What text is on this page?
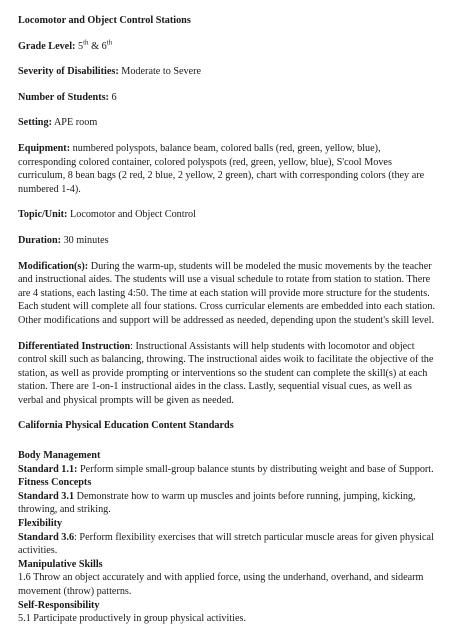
Locomotor and Object Control Stations
Grade Level: 5th & 6th
Severity of Disabilities: Moderate to Severe
Number of Students: 6
Setting: APE room
Equipment: numbered polyspots, balance beam, colored balls (red, green, yellow, blue), corresponding colored container, colored polyspots (red, green, yellow, blue), S'cool Moves curriculum, 8 bean bags (2 red, 2 blue, 2 yellow, 2 green), chart with corresponding colors (they are numbered 1-4).
Topic/Unit: Locomotor and Object Control
Duration: 30 minutes
Modification(s): During the warm-up, students will be modeled the music movements by the teacher and instructional aides. The students will use a visual schedule to rotate from station to station. There are 4 stations, each lasting 4:50. The time at each station will provide more structure for the students. Each student will complete all four stations. Cross curricular elements are embedded into each station. Other modifications and support will be addressed as needed, depending upon the student's skill level.
Differentiated Instruction: Instructional Assistants will help students with locomotor and object control skill such as balancing, throwing. The instructional aides woik to facilitate the objective of the station, as well as provide prompting or interventions so the student can complete the skill(s) at each station. There are 1-on-1 instructional aides in the class. Lastly, sequential visual cues, as well as verbal and physical prompts will be given as needed.
California Physical Education Content Standards
Body Management
Standard 1.1: Perform simple small-group balance stunts by distributing weight and base of Support.
Fitness Concepts
Standard 3.1 Demonstrate how to warm up muscles and joints before running, jumping, kicking, throwing, and striking.
Flexibility
Standard 3.6: Perform flexibility exercises that will stretch particular muscle areas for given physical activities.
Manipulative Skills
1.6 Throw an object accurately and with applied force, using the underhand, overhand, and sidearm movement (throw) patterns.
Self-Responsibility
5.1 Participate productively in group physical activities.
